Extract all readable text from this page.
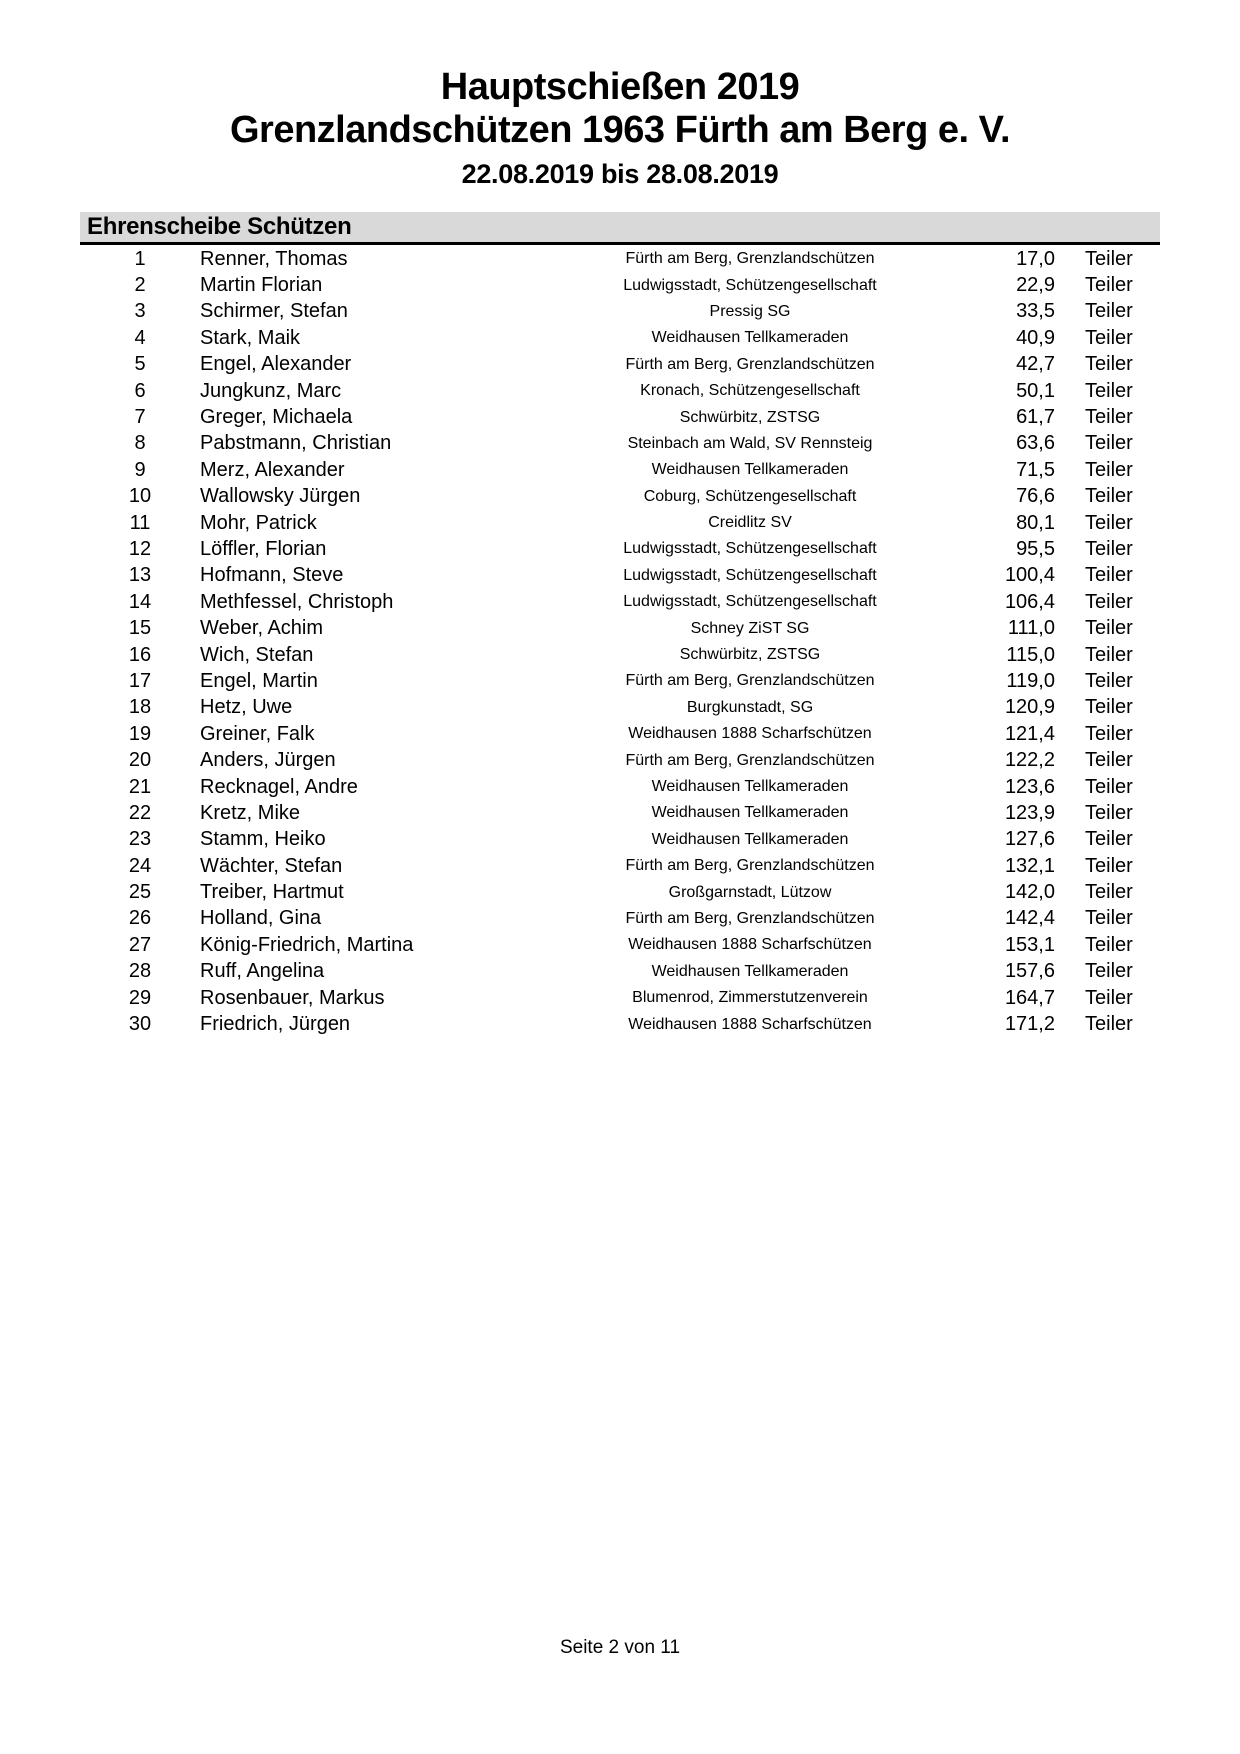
Hauptschießen 2019
Grenzlandschützen 1963 Fürth am Berg e. V.
22.08.2019 bis 28.08.2019
Ehrenscheibe Schützen
1	Renner, Thomas	Fürth am Berg, Grenzlandschützen	17,0	Teiler
2	Martin Florian	Ludwigsstadt, Schützengesellschaft	22,9	Teiler
3	Schirmer, Stefan	Pressig SG	33,5	Teiler
4	Stark, Maik	Weidhausen Tellkameraden	40,9	Teiler
5	Engel, Alexander	Fürth am Berg, Grenzlandschützen	42,7	Teiler
6	Jungkunz, Marc	Kronach, Schützengesellschaft	50,1	Teiler
7	Greger, Michaela	Schwürbitz, ZSTSG	61,7	Teiler
8	Pabstmann, Christian	Steinbach am Wald, SV Rennsteig	63,6	Teiler
9	Merz, Alexander	Weidhausen Tellkameraden	71,5	Teiler
10	Wallowsky Jürgen	Coburg, Schützengesellschaft	76,6	Teiler
11	Mohr, Patrick	Creidlitz SV	80,1	Teiler
12	Löffler, Florian	Ludwigsstadt, Schützengesellschaft	95,5	Teiler
13	Hofmann, Steve	Ludwigsstadt, Schützengesellschaft	100,4	Teiler
14	Methfessel, Christoph	Ludwigsstadt, Schützengesellschaft	106,4	Teiler
15	Weber, Achim	Schney ZiST SG	111,0	Teiler
16	Wich, Stefan	Schwürbitz, ZSTSG	115,0	Teiler
17	Engel, Martin	Fürth am Berg, Grenzlandschützen	119,0	Teiler
18	Hetz, Uwe	Burgkunstadt, SG	120,9	Teiler
19	Greiner, Falk	Weidhausen 1888 Scharfschützen	121,4	Teiler
20	Anders, Jürgen	Fürth am Berg, Grenzlandschützen	122,2	Teiler
21	Recknagel, Andre	Weidhausen Tellkameraden	123,6	Teiler
22	Kretz, Mike	Weidhausen Tellkameraden	123,9	Teiler
23	Stamm, Heiko	Weidhausen Tellkameraden	127,6	Teiler
24	Wächter, Stefan	Fürth am Berg, Grenzlandschützen	132,1	Teiler
25	Treiber, Hartmut	Großgarnstadt, Lützow	142,0	Teiler
26	Holland, Gina	Fürth am Berg, Grenzlandschützen	142,4	Teiler
27	König-Friedrich, Martina	Weidhausen 1888 Scharfschützen	153,1	Teiler
28	Ruff, Angelina	Weidhausen Tellkameraden	157,6	Teiler
29	Rosenbauer, Markus	Blumenrod, Zimmerstutzenverein	164,7	Teiler
30	Friedrich, Jürgen	Weidhausen 1888 Scharfschützen	171,2	Teiler
Seite 2 von 11
